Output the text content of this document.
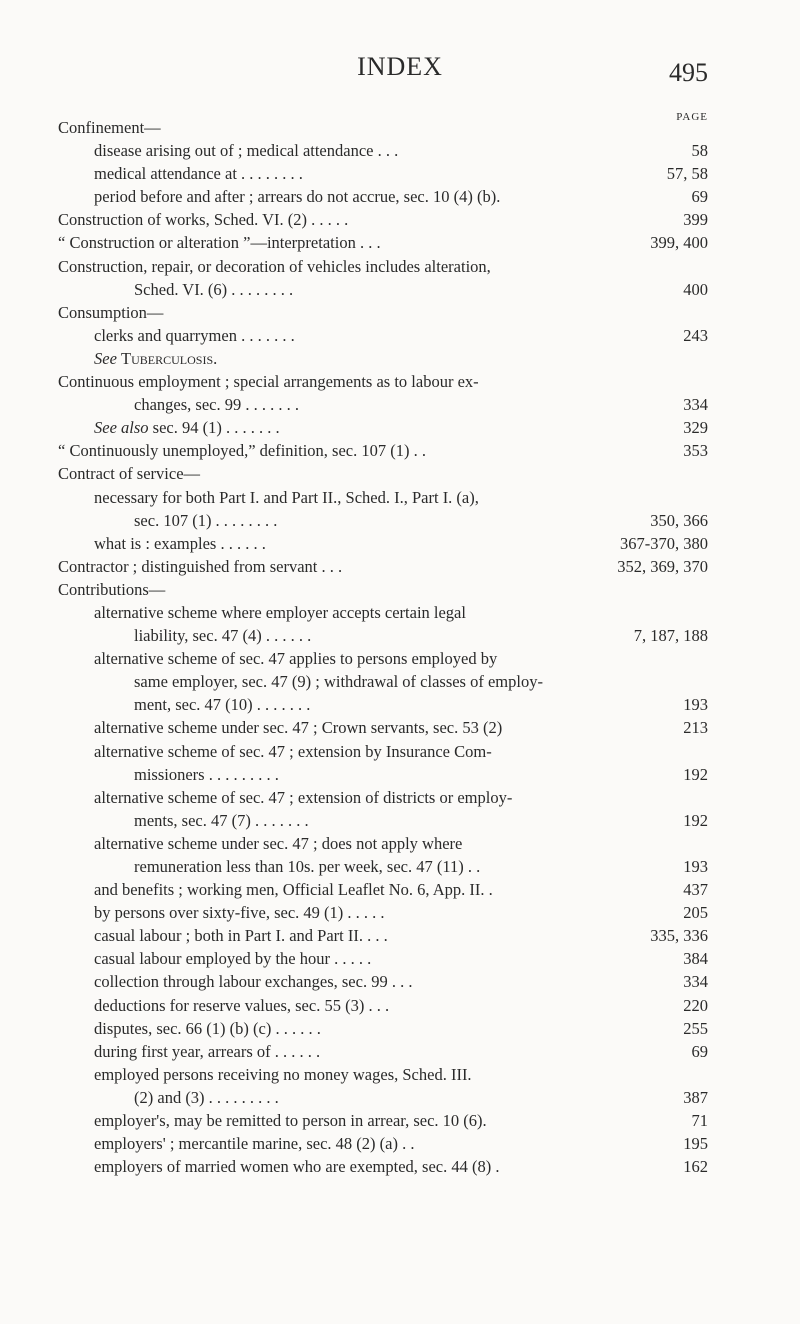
INDEX	495
PAGE
Confinement—
disease arising out of ; medical attendance . . .	58
medical attendance at . . . . . . . .	57, 58
period before and after ; arrears do not accrue, sec. 10 (4) (b).	69
Construction of works, Sched. VI. (2) . . . . .	399
“ Construction or alteration ”—interpretation . . .	399, 400
Construction, repair, or decoration of vehicles includes alteration,
Sched. VI. (6) . . . . . . . .	400
Consumption—
clerks and quarrymen . . . . . . .	243
See Tuberculosis.
Continuous employment ; special arrangements as to labour ex-
changes, sec. 99 . . . . . . .	334
See also sec. 94 (1) . . . . . . .	329
“ Continuously unemployed,” definition, sec. 107 (1) . .	353
Contract of service—
necessary for both Part I. and Part II., Sched. I., Part I. (a),
sec. 107 (1) . . . . . . . .	350, 366
what is : examples . . . . . .	367-370, 380
Contractor ; distinguished from servant . . .	352, 369, 370
Contributions—
alternative scheme where employer accepts certain legal
liability, sec. 47 (4) . . . . . .	7, 187, 188
alternative scheme of sec. 47 applies to persons employed by
same employer, sec. 47 (9) ; withdrawal of classes of employ-
ment, sec. 47 (10) . . . . . . .	193
alternative scheme under sec. 47 ; Crown servants, sec. 53 (2)	213
alternative scheme of sec. 47 ; extension by Insurance Com-
missioners . . . . . . . . .	192
alternative scheme of sec. 47 ; extension of districts or employ-
ments, sec. 47 (7) . . . . . . .	192
alternative scheme under sec. 47 ; does not apply where
remuneration less than 10s. per week, sec. 47 (11) . .	193
and benefits ; working men, Official Leaflet No. 6, App. II. .	437
by persons over sixty-five, sec. 49 (1) . . . . .	205
casual labour ; both in Part I. and Part II. . . .	335, 336
casual labour employed by the hour . . . . .	384
collection through labour exchanges, sec. 99 . . .	334
deductions for reserve values, sec. 55 (3) . . .	220
disputes, sec. 66 (1) (b) (c) . . . . . .	255
during first year, arrears of . . . . . .	69
employed persons receiving no money wages, Sched. III.
(2) and (3) . . . . . . . . .	387
employer's, may be remitted to person in arrear, sec. 10 (6).	71
employers' ; mercantile marine, sec. 48 (2) (a) . .	195
employers of married women who are exempted, sec. 44 (8) .	162
